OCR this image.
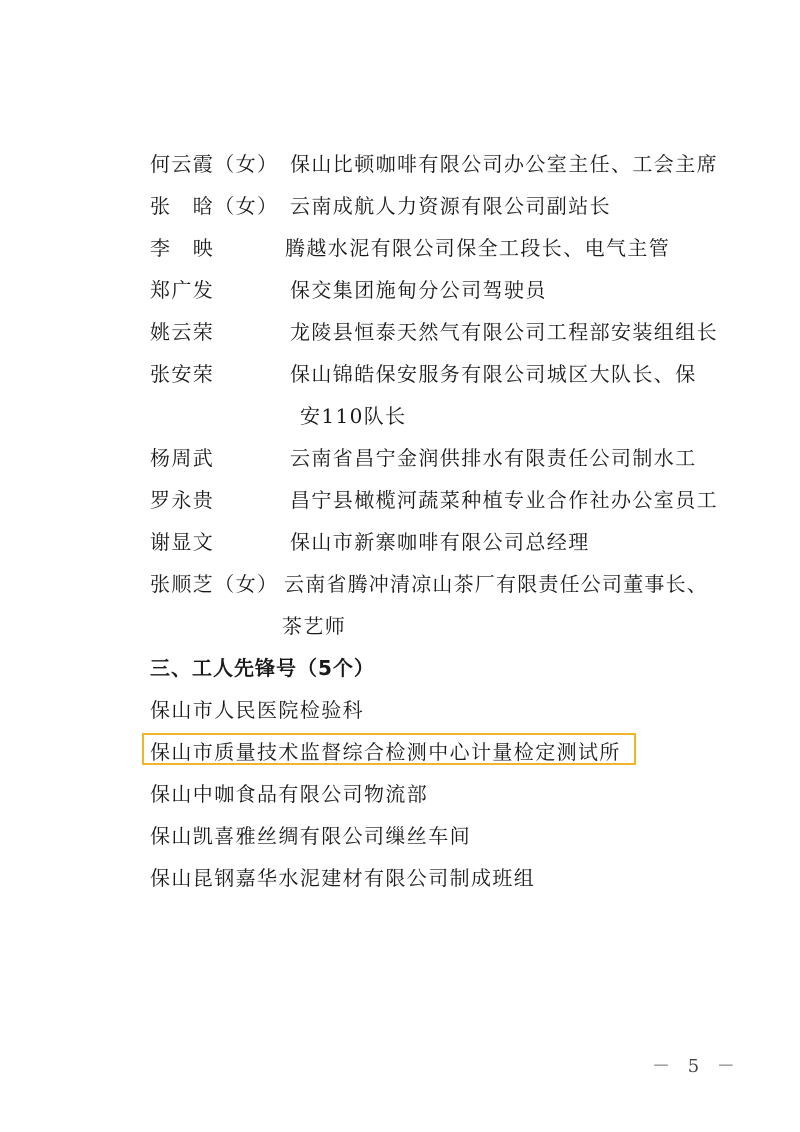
何云霞（女） 保山比顿咖啡有限公司办公室主任、工会主席
张　晗（女） 云南成航人力资源有限公司副站长
李　映	腾越水泥有限公司保全工段长、电气主管
郑广发	保交集团施甸分公司驾驶员
姚云荣	龙陵县恒泰天然气有限公司工程部安装组组长
张安荣	保山锦皓保安服务有限公司城区大队长、保
安110队长
杨周武	云南省昌宁金润供排水有限责任公司制水工
罗永贵	昌宁县橄榄河蔬菜种植专业合作社办公室员工
谢显文	保山市新寨咖啡有限公司总经理
张顺芝（女） 云南省腾冲清凉山茶厂有限责任公司董事长、
茶艺师
三、工人先锋号（5个）
保山市人民医院检验科
保山市质量技术监督综合检测中心计量检定测试所
保山中咖食品有限公司物流部
保山凯喜雅丝绸有限公司缫丝车间
保山昆钢嘉华水泥建材有限公司制成班组
－ 5 －
